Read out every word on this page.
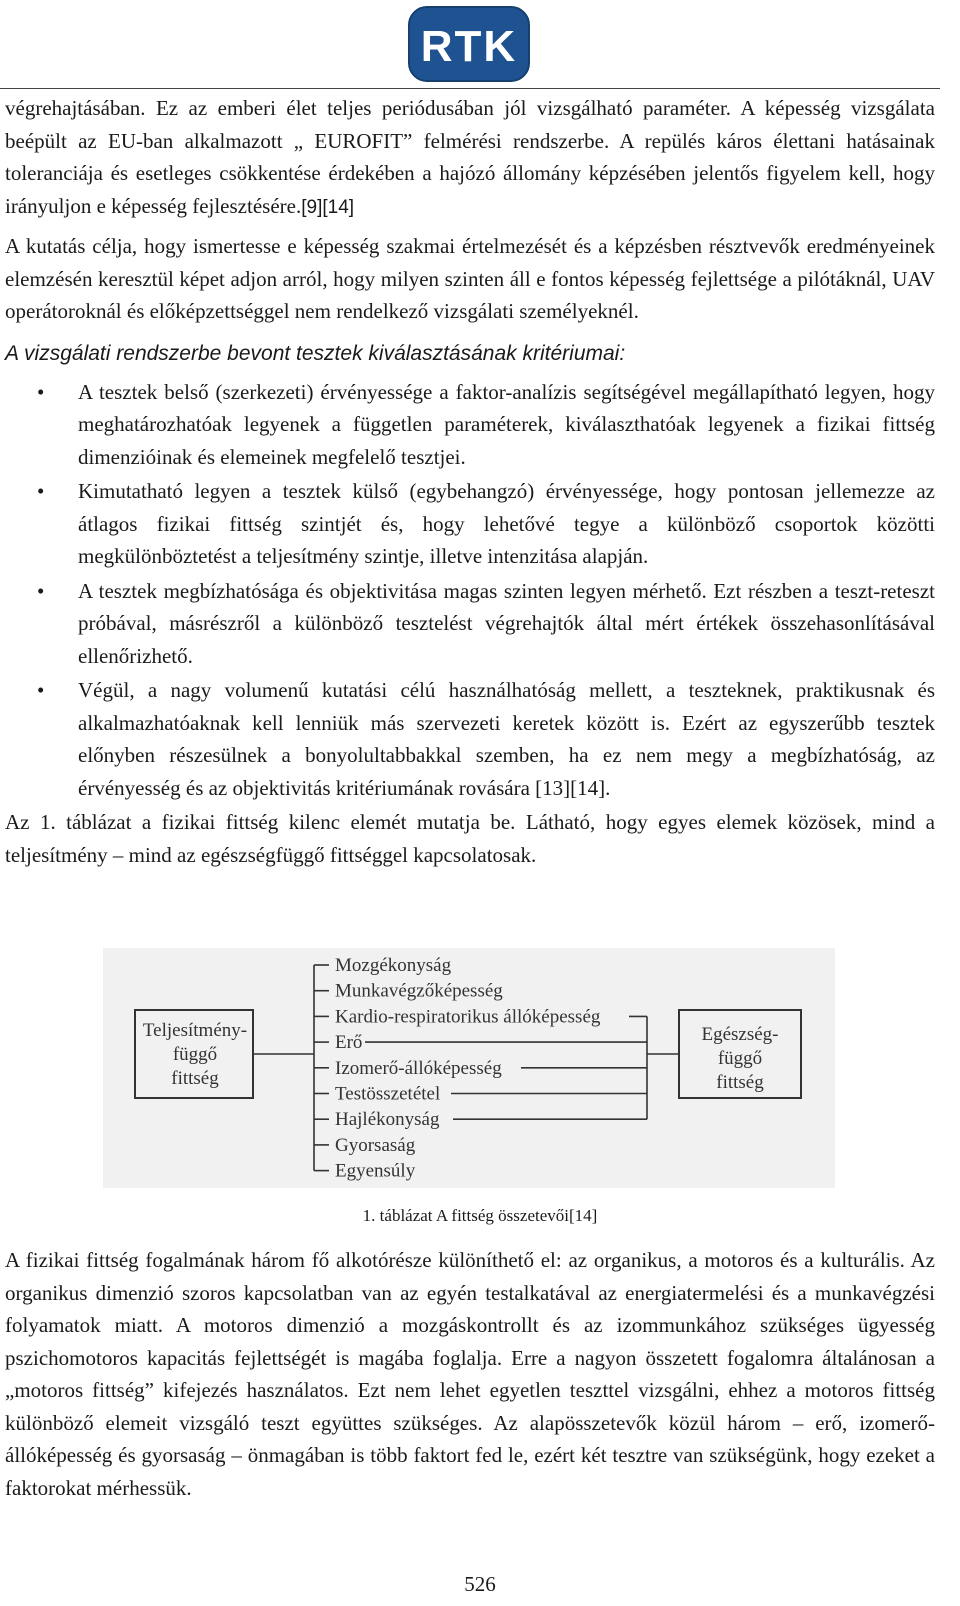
RTK

végrehajtásában. Ez az emberi élet teljes periódusában jól vizsgálható paraméter. A képesség vizsgálata beépült az EU-ban alkalmazott „ EUROFIT” felmérési rendszerbe. A repülés káros élettani hatásainak toleranciája és esetleges csökkentése érdekében a hajózó állomány képzésében jelentős figyelem kell, hogy irányuljon e képesség fejlesztésére.[9][14]

A kutatás célja, hogy ismertesse e képesség szakmai értelmezését és a képzésben résztvevők eredményeinek elemzésén keresztül képet adjon arról, hogy milyen szinten áll e fontos képesség fejlettsége a pilótáknál, UAV operátoroknál és előképzettséggel nem rendelkező vizsgálati személyeknél.

A vizsgálati rendszerbe bevont tesztek kiválasztásának kritériumai:
• A tesztek belső (szerkezeti) érvényessége a faktor-analízis segítségével megállapítható legyen, hogy meghatározhatóak legyenek a független paraméterek, kiválaszthatóak legyenek a fizikai fittség dimenzióinak és elemeinek megfelelő tesztjei.
• Kimutatható legyen a tesztek külső (egybehangzó) érvényessége, hogy pontosan jellemezze az átlagos fizikai fittség szintjét és, hogy lehetővé tegye a különböző csoportok közötti megkülönböztetést a teljesítmény szintje, illetve intenzitása alapján.
• A tesztek megbízhatósága és objektivitása magas szinten legyen mérhető. Ezt részben a teszt-reteszt próbával, másrészről a különböző tesztelést végrehajtók által mért értékek összehasonlításával ellenőrizhető.
• Végül, a nagy volumenű kutatási célú használhatóság mellett, a teszteknek, praktikusnak és alkalmazhatóaknak kell lenniük más szervezeti keretek között is. Ezért az egyszerűbb tesztek előnyben részesülnek a bonyolultabbakkal szemben, ha ez nem megy a megbízhatóság, az érvényesség és az objektivitás kritériumának rovására [13][14].

Az 1. táblázat a fizikai fittség kilenc elemét mutatja be. Látható, hogy egyes elemek közösek, mind a teljesítmény – mind az egészségfüggő fittséggel kapcsolatosak.

Teljesítmény-
függő
fittség
Egészség-
függő
fittség
Mozgékonyság
Munkavégzőképesség
Kardio-respiratorikus állóképesség
Erő
Izomerő-állóképesség
Testösszetétel
Hajlékonyság
Gyorsaság
Egyensúly
1. táblázat A fittség összetevői[14]

A fizikai fittség fogalmának három fő alkotórésze különíthető el: az organikus, a motoros és a kulturális. Az organikus dimenzió szoros kapcsolatban van az egyén testalkatával az energiatermelési és a munkavégzési folyamatok miatt. A motoros dimenzió a mozgáskontrollt és az izommunkához szükséges ügyesség pszichomotoros kapacitás fejlettségét is magába foglalja. Erre a nagyon összetett fogalomra általánosan a „motoros fittség” kifejezés használatos. Ezt nem lehet egyetlen teszttel vizsgálni, ehhez a motoros fittség különböző elemeit vizsgáló teszt együttes szükséges. Az alapösszetevők közül három – erő, izomerő-állóképesség és gyorsaság – önmagában is több faktort fed le, ezért két tesztre van szükségünk, hogy ezeket a faktorokat mérhessük.

526
